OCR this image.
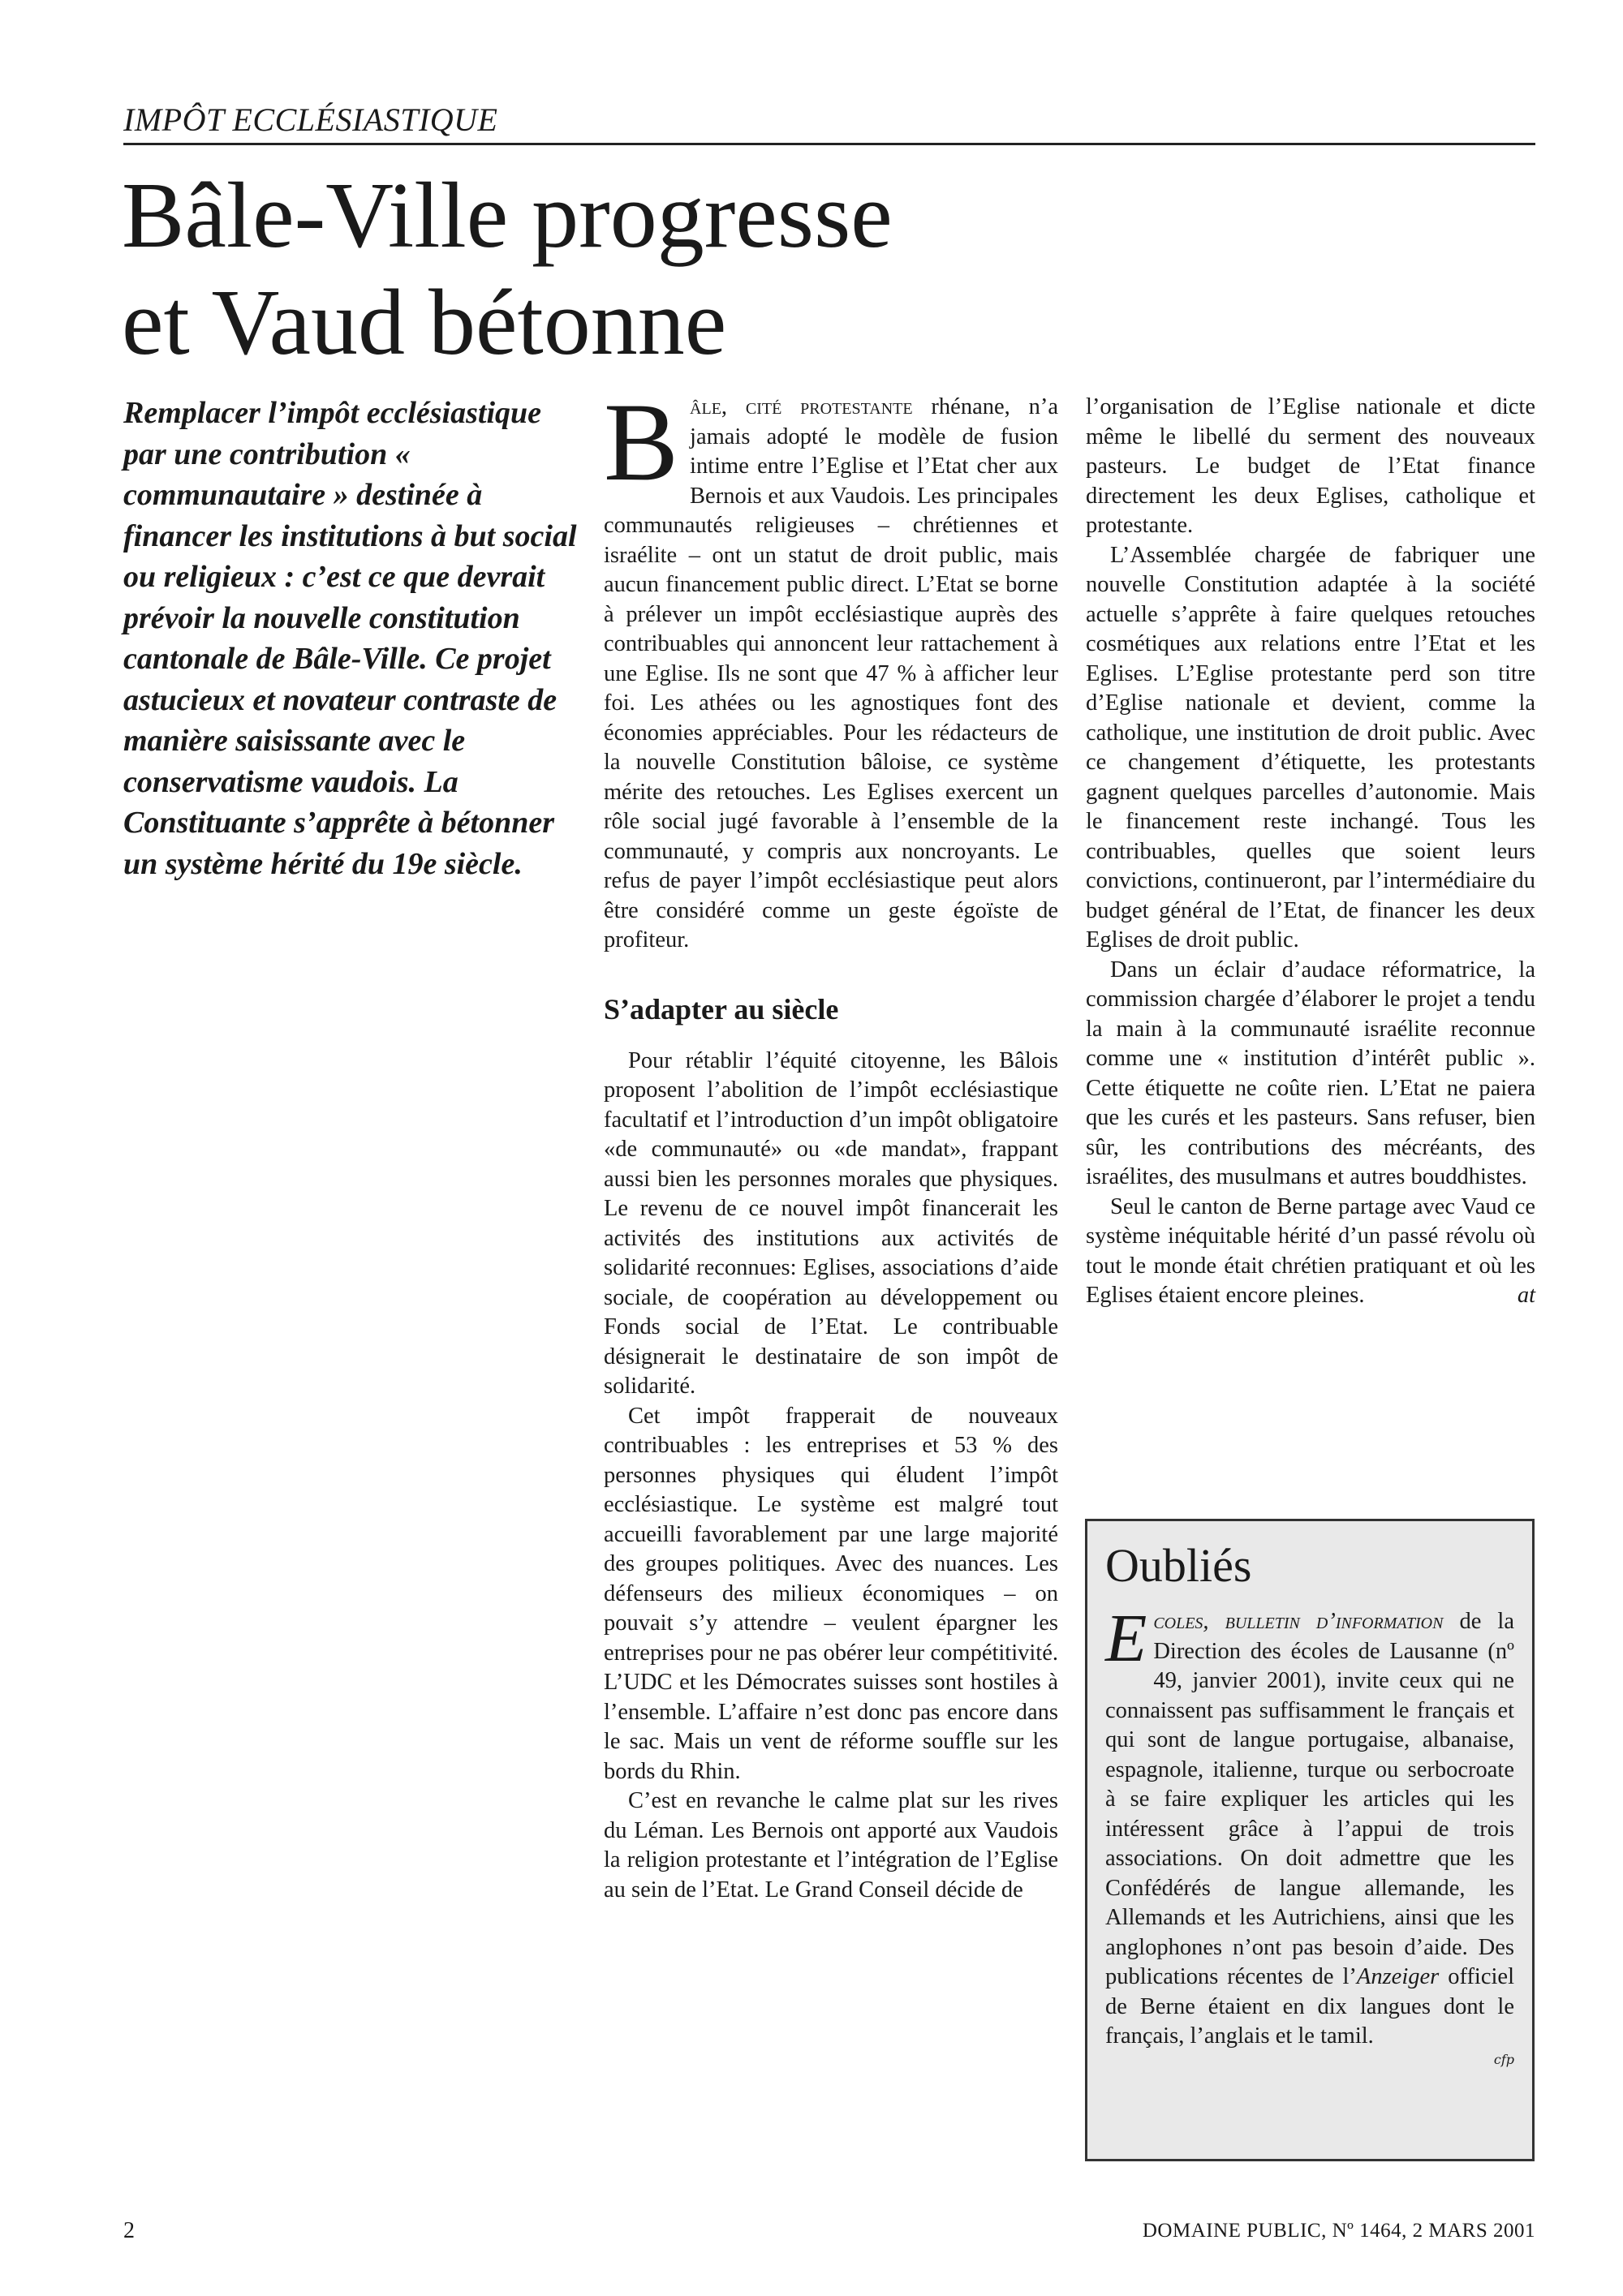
IMPÔT ECCLÉSIASTIQUE
Bâle-Ville progresse
et Vaud bétonne

Remplacer l’impôt ecclésiastique par une contribution « communautaire » destinée à financer les institutions à but social ou religieux : c’est ce que devrait prévoir la nouvelle constitution cantonale de Bâle-Ville. Ce projet astucieux et novateur contraste de manière saisissante avec le conservatisme vaudois. La Constituante s’apprête à bétonner un système hérité du 19e siècle.

Bâle, cité protestante rhénane, n’a jamais adopté le modèle de fusion intime entre l’Eglise et l’Etat cher aux Bernois et aux Vaudois. Les principales communautés religieuses – chrétiennes et israélite – ont un statut de droit public, mais aucun financement public direct. L’Etat se borne à prélever un impôt ecclésiastique auprès des contribuables qui annoncent leur rattachement à une Eglise. Ils ne sont que 47 % à afficher leur foi. Les athées ou les agnostiques font des économies appréciables. Pour les rédacteurs de la nouvelle Constitution bâloise, ce système mérite des retouches. Les Eglises exercent un rôle social jugé favorable à l’ensemble de la communauté, y compris aux noncroyants. Le refus de payer l’impôt ecclésiastique peut alors être considéré comme un geste égoïste de profiteur.

S’adapter au siècle

Pour rétablir l’équité citoyenne, les Bâlois proposent l’abolition de l’impôt ecclésiastique facultatif et l’introduction d’un impôt obligatoire «de communauté» ou «de mandat», frappant aussi bien les personnes morales que physiques. Le revenu de ce nouvel impôt financerait les activités des institutions aux activités de solidarité reconnues: Eglises, associations d’aide sociale, de coopération au développement ou Fonds social de l’Etat. Le contribuable désignerait le destinataire de son impôt de solidarité.

Cet impôt frapperait de nouveaux contribuables : les entreprises et 53 % des personnes physiques qui éludent l’impôt ecclésiastique. Le système est malgré tout accueilli favorablement par une large majorité des groupes politiques. Avec des nuances. Les défenseurs des milieux économiques – on pouvait s’y attendre – veulent épargner les entreprises pour ne pas obérer leur compétitivité. L’UDC et les Démocrates suisses sont hostiles à l’ensemble. L’affaire n’est donc pas encore dans le sac. Mais un vent de réforme souffle sur les bords du Rhin.

C’est en revanche le calme plat sur les rives du Léman. Les Bernois ont apporté aux Vaudois la religion protestante et l’intégration de l’Eglise au sein de l’Etat. Le Grand Conseil décide de

l’organisation de l’Eglise nationale et dicte même le libellé du serment des nouveaux pasteurs. Le budget de l’Etat finance directement les deux Eglises, catholique et protestante.

L’Assemblée chargée de fabriquer une nouvelle Constitution adaptée à la société actuelle s’apprête à faire quelques retouches cosmétiques aux relations entre l’Etat et les Eglises. L’Eglise protestante perd son titre d’Eglise nationale et devient, comme la catholique, une institution de droit public. Avec ce changement d’étiquette, les protestants gagnent quelques parcelles d’autonomie. Mais le financement reste inchangé. Tous les contribuables, quelles que soient leurs convictions, continueront, par l’intermédiaire du budget général de l’Etat, de financer les deux Eglises de droit public.

Dans un éclair d’audace réformatrice, la commission chargée d’élaborer le projet a tendu la main à la communauté israélite reconnue comme une « institution d’intérêt public ». Cette étiquette ne coûte rien. L’Etat ne paiera que les curés et les pasteurs. Sans refuser, bien sûr, les contributions des mécréants, des israélites, des musulmans et autres bouddhistes.

Seul le canton de Berne partage avec Vaud ce système inéquitable hérité d’un passé révolu où tout le monde était chrétien pratiquant et où les Eglises étaient encore pleines.	at

Oubliés
Ecoles, bulletin d’information de la Direction des écoles de Lausanne (nº 49, janvier 2001), invite ceux qui ne connaissent pas suffisamment le français et qui sont de langue portugaise, albanaise, espagnole, italienne, turque ou serbocroate à se faire expliquer les articles qui les intéressent grâce à l’appui de trois associations. On doit admettre que les Confédérés de langue allemande, les Allemands et les Autrichiens, ainsi que les anglophones n’ont pas besoin d’aide. Des publications récentes de l’Anzeiger officiel de Berne étaient en dix langues dont le français, l’anglais et le tamil.
cfp
2	DOMAINE PUBLIC, Nº 1464, 2 MARS 2001
